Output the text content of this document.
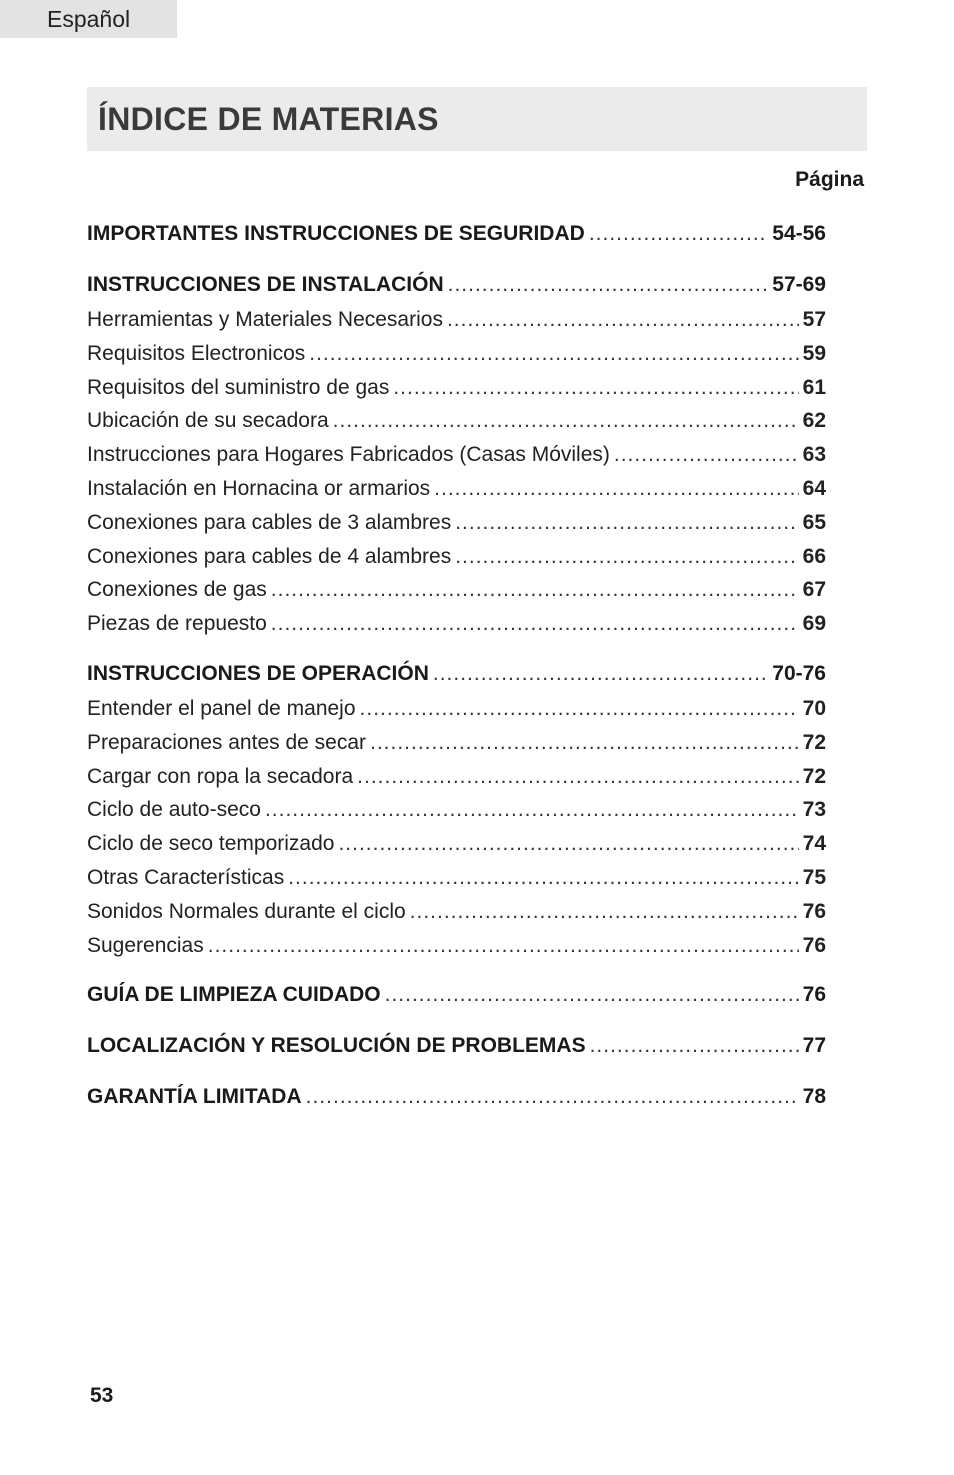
Español
ÍNDICE DE MATERIAS
Página
IMPORTANTES INSTRUCCIONES DE SEGURIDAD .....	54-56
INSTRUCCIONES DE INSTALACIÓN .....	57-69
Herramientas y Materiales Necesarios .....	57
Requisitos Electronicos .....	59
Requisitos del suministro de gas .....	61
Ubicación de su secadora .....	62
Instrucciones para Hogares Fabricados (Casas Móviles) .....	63
Instalación en Hornacina or armarios .....	64
Conexiones para cables de 3 alambres .....	65
Conexiones para cables de 4 alambres .....	66
Conexiones de gas .....	67
Piezas de repuesto .....	69
INSTRUCCIONES DE OPERACIÓN .....	70-76
Entender el panel de manejo .....	70
Preparaciones antes de secar .....	72
Cargar con ropa la secadora .....	72
Ciclo de auto-seco .....	73
Ciclo de seco temporizado .....	74
Otras Características .....	75
Sonidos Normales durante el ciclo .....	76
Sugerencias .....	76
GUÍA DE LIMPIEZA CUIDADO .....	76
LOCALIZACIÓN Y RESOLUCIÓN DE PROBLEMAS .....	77
GARANTÍA LIMITADA .....	78
53
